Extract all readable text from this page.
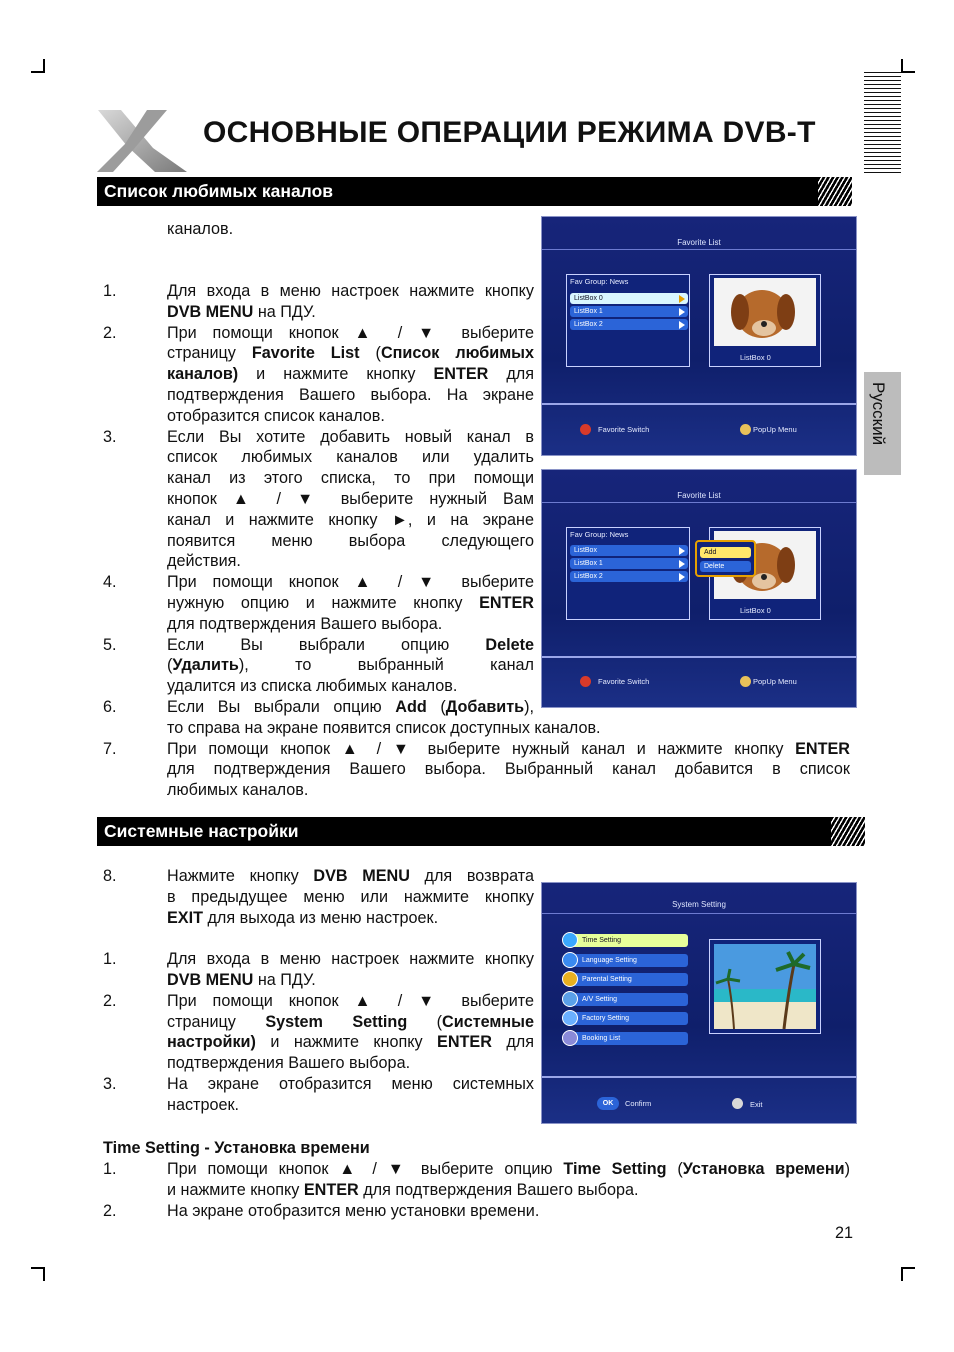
ОСНОВНЫЕ ОПЕРАЦИИ РЕЖИМА DVB-T
Русский
Список любимых каналов
каналов.
1.	Для входа в меню настроек нажмите кнопку
DVB MENU на ПДУ.
2.	При помощи кнопок ▲ / ▼ выберите
страницу Favorite List (Список любимых
каналов) и нажмите кнопку ENTER для
подтверждения Вашего выбора. На экране
отобразится список каналов.
3.	Если Вы хотите добавить новый канал в
список любимых каналов или удалить
канал из этого списка, то при помощи
кнопок ▲ / ▼ выберите нужный Вам
канал и нажмите кнопку ►, и на экране
появится меню выбора следующего
действия.
4.	При помощи кнопок ▲ / ▼ выберите
нужную опцию и нажмите кнопку ENTER
для подтверждения Вашего выбора.
5.	Если Вы выбрали опцию Delete
(Удалить), то выбранный канал
удалится из списка любимых каналов.
6.	Если Вы выбрали опцию Add (Добавить),
то справа на экране появится список доступных каналов.
7.	При помощи кнопок ▲ / ▼ выберите нужный канал и нажмите кнопку ENTER
для подтверждения Вашего выбора. Выбранный канал добавится в список
любимых каналов.
Системные настройки
8.	Нажмите кнопку DVB MENU для возврата
в предыдущее меню или нажмите кнопку
EXIT для выхода из меню настроек.
1.	Для входа в меню настроек нажмите кнопку
DVB MENU на ПДУ.
2.	При помощи кнопок ▲ / ▼ выберите
страницу System Setting (Системные
настройки) и нажмите кнопку ENTER для
подтверждения Вашего выбора.
3.	На экране отобразится меню системных
настроек.
Time Setting - Установка времени
1.	При помощи кнопок ▲ / ▼ выберите опцию Time Setting (Установка времени)
и нажмите кнопку ENTER для подтверждения Вашего выбора.
2.	На экране отобразится меню установки времени.
21
Favorite List
Fav Group: News
ListBox 0
ListBox 1
ListBox 2
ListBox 0
Favorite Switch	PopUp Menu
Favorite List
Fav Group: News
ListBox
ListBox 1
ListBox 2
ListBox 0
Add
Delete
Favorite Switch	PopUp Menu
System Setting
Time Setting
Language Setting
Parental Setting
A/V Setting
Factory Setting
Booking List
OK	Confirm	Exit
